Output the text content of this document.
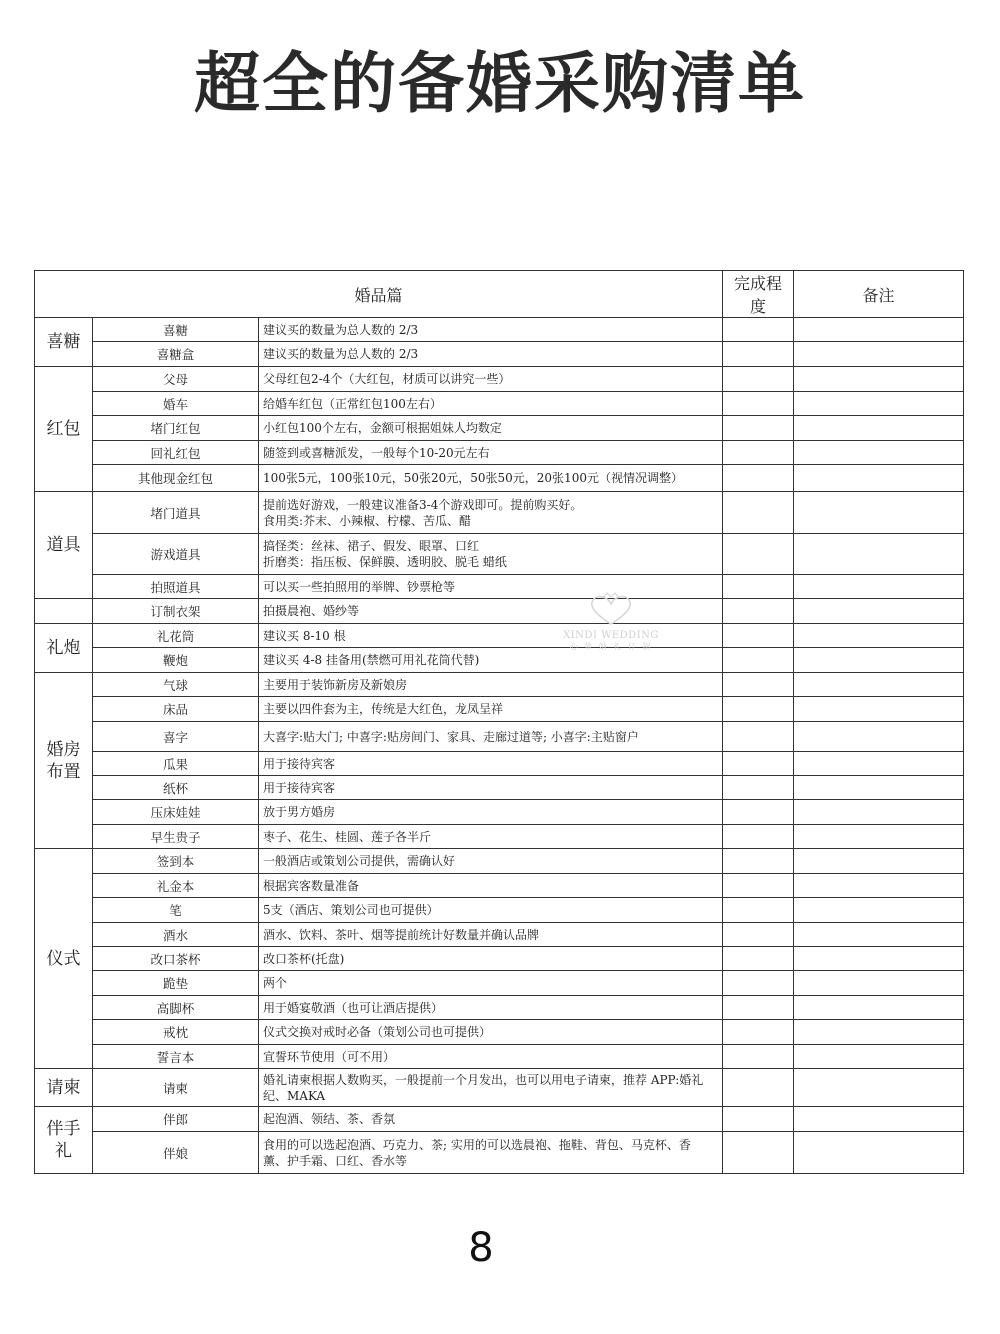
超全的备婚采购清单
婚品篇			完成程度	备注
喜糖	喜糖	建议买的数量为总人数的 2/3		

	喜糖盒	建议买的数量为总人数的 2/3		

红包	父母	父母红包2-4个（大红包，材质可以讲究一些）		

	婚车	给婚车红包（正常红包100左右）		

	堵门红包	小红包100个左右，金额可根据姐妹人均数定		

	回礼红包	随签到或喜糖派发，一般每个10-20元左右		

	其他现金红包	100张5元，100张10元，50张20元，50张50元，20张100元（视情况调整）		

道具	堵门道具	提前选好游戏，一般建议准备3-4个游戏即可。提前购买好。
食用类:芥末、小辣椒、柠檬、苦瓜、醋		

	游戏道具	搞怪类：丝袜、裙子、假发、眼罩、口红
折磨类：指压板、保鲜膜、透明胶、脱毛 蜡纸		

	拍照道具	可以买一些拍照用的举牌、钞票枪等		

	订制衣架	拍摄晨袍、婚纱等		

礼炮	礼花筒	建议买 8-10 根		

	鞭炮	建议买 4-8 挂备用(禁燃可用礼花筒代替)		

婚房
布置	气球	主要用于装饰新房及新娘房		

	床品	主要以四件套为主，传统是大红色，龙凤呈祥		

	喜字	大喜字:贴大门; 中喜字:贴房间门、家具、走廊过道等; 小喜字:主贴窗户		

	瓜果	用于接待宾客		

	纸杯	用于接待宾客		

	压床娃娃	放于男方婚房		

	早生贵子	枣子、花生、桂圆、莲子各半斤		

仪式	签到本	一般酒店或策划公司提供，需确认好		

	礼金本	根据宾客数量准备		

	笔	5支（酒店、策划公司也可提供）		

	酒水	酒水、饮料、茶叶、烟等提前统计好数量并确认品牌		

	改口茶杯	改口茶杯(托盘)		

	跪垫	两个		

	高脚杯	用于婚宴敬酒（也可让酒店提供）		

	戒枕	仪式交换对戒时必备（策划公司也可提供）		

	誓言本	宣誓环节使用（可不用）		

请柬	请柬	婚礼请柬根据人数购买，一般提前一个月发出，也可以用电子请柬，推荐 APP:婚礼
纪、MAKA		

伴手
礼	伴郎	起泡酒、领结、茶、香氛		

	伴娘	食用的可以选起泡酒、巧克力、茶; 实用的可以选晨袍、拖鞋、背包、马克杯、香
薰、护手霜、口红、香水等		

XINDI WEDDING
心 蒂 婚 礼 订 制
8
